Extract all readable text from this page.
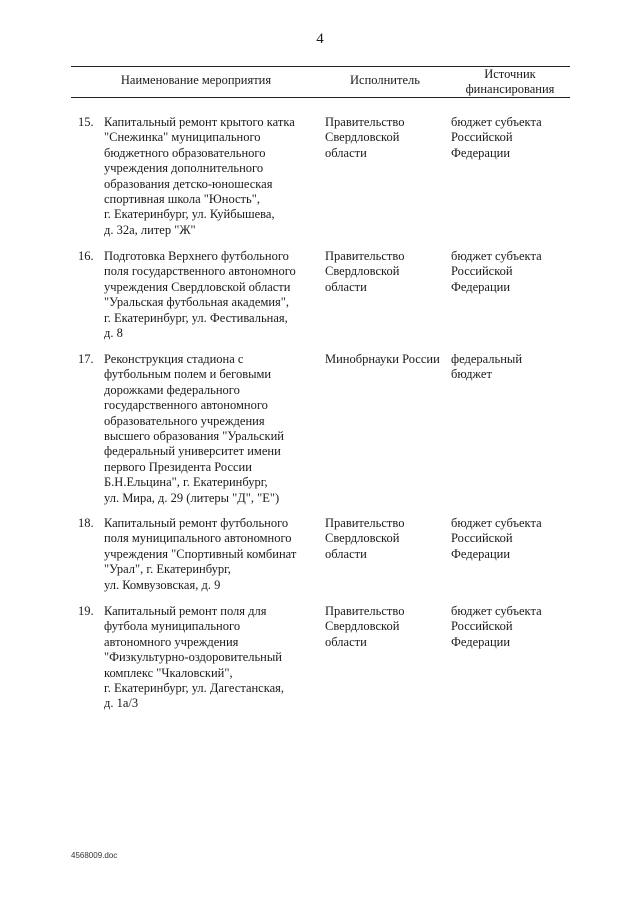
4
Наименование мероприятия	Исполнитель	Источник
финансирования
15. Капитальный ремонт крытого катка
"Снежинка" муниципального
бюджетного образовательного
учреждения дополнительного
образования детско-юношеская
спортивная школа "Юность",
г. Екатеринбург, ул. Куйбышева,
д. 32а, литер "Ж"
Правительство
Свердловской
области
бюджет субъекта
Российской
Федерации
16. Подготовка Верхнего футбольного
поля государственного автономного
учреждения Свердловской области
"Уральская футбольная академия",
г. Екатеринбург, ул. Фестивальная,
д. 8
Правительство
Свердловской
области
бюджет субъекта
Российской
Федерации
17. Реконструкция стадиона с
футбольным полем и беговыми
дорожками федерального
государственного автономного
образовательного учреждения
высшего образования "Уральский
федеральный университет имени
первого Президента России
Б.Н.Ельцина", г. Екатеринбург,
ул. Мира, д. 29 (литеры "Д", "Е")
Минобрнауки России федеральный
бюджет
18. Капитальный ремонт футбольного
поля муниципального автономного
учреждения "Спортивный комбинат
"Урал", г. Екатеринбург,
ул. Комвузовская, д. 9
Правительство
Свердловской
области
бюджет субъекта
Российской
Федерации
19. Капитальный ремонт поля для
футбола муниципального
автономного учреждения
"Физкультурно-оздоровительный
комплекс "Чкаловский",
г. Екатеринбург, ул. Дагестанская,
д. 1а/3
Правительство
Свердловской
области
бюджет субъекта
Российской
Федерации
4568009.doc
